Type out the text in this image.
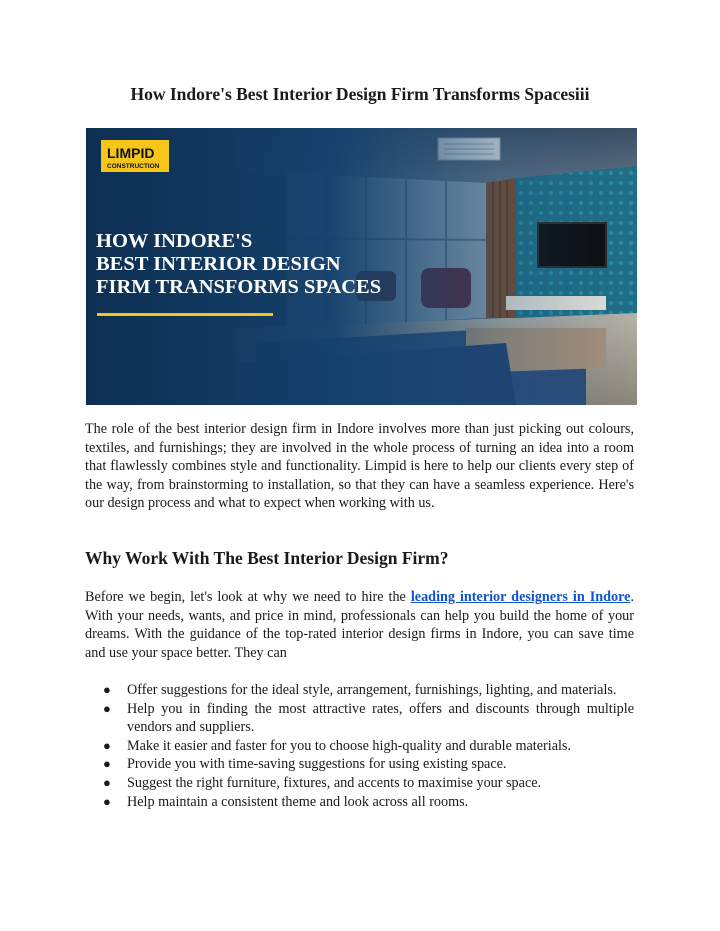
How Indore's Best Interior Design Firm Transforms Spacesiii
LIMPID
CONSTRUCTION
HOW INDORE'S
BEST INTERIOR DESIGN
FIRM TRANSFORMS SPACES

The role of the best interior design firm in Indore involves more than just picking out colours, textiles, and furnishings; they are involved in the whole process of turning an idea into a room that flawlessly combines style and functionality. Limpid is here to help our clients every step of the way, from brainstorming to installation, so that they can have a seamless experience. Here's our design process and what to expect when working with us.

Why Work With The Best Interior Design Firm?

Before we begin, let's look at why we need to hire the leading interior designers in Indore. With your needs, wants, and price in mind, professionals can help you build the home of your dreams. With the guidance of the top-rated interior design firms in Indore, you can save time and use your space better. They can

● Offer suggestions for the ideal style, arrangement, furnishings, lighting, and materials.
● Help you in finding the most attractive rates, offers and discounts through multiple vendors and suppliers.
● Make it easier and faster for you to choose high-quality and durable materials.
● Provide you with time-saving suggestions for using existing space.
● Suggest the right furniture, fixtures, and accents to maximise your space.
● Help maintain a consistent theme and look across all rooms.
